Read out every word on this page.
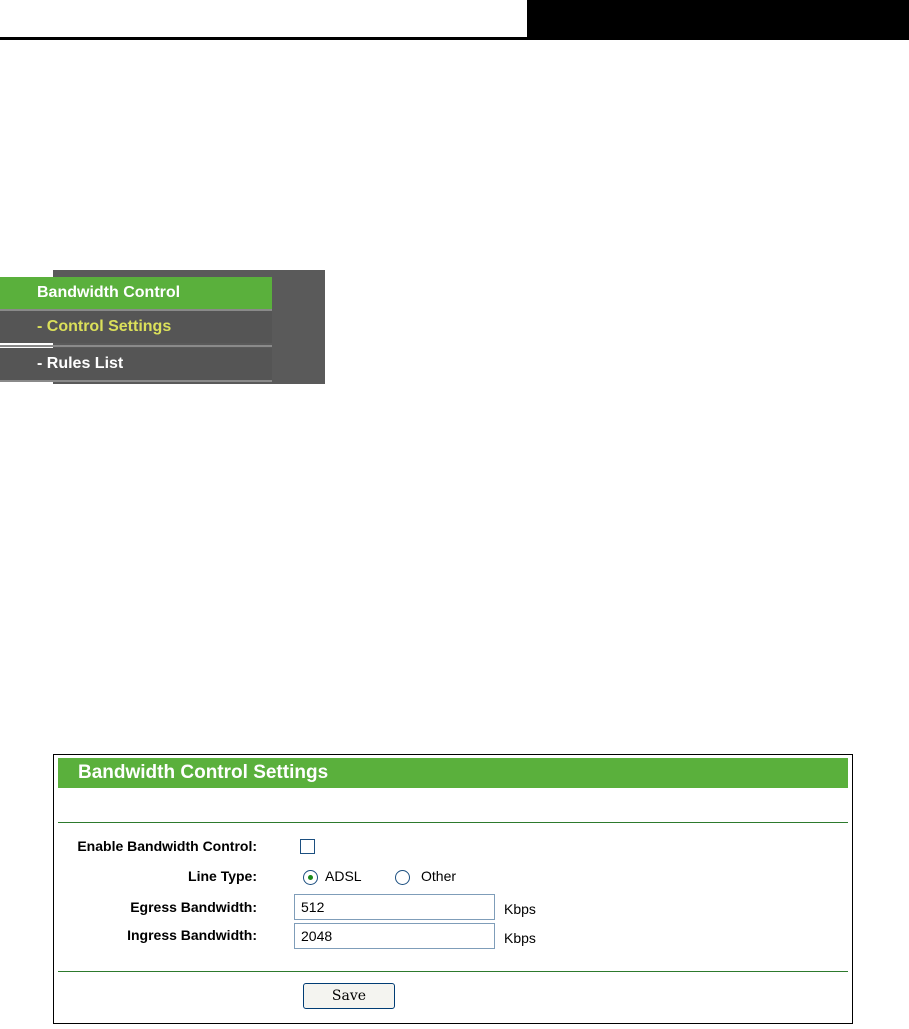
Bandwidth Control
- Control Settings
- Rules List
Bandwidth Control Settings
Enable Bandwidth Control:
Line Type:	ADSL	Other
Egress Bandwidth:	512	Kbps
Ingress Bandwidth:	2048	Kbps
Save
